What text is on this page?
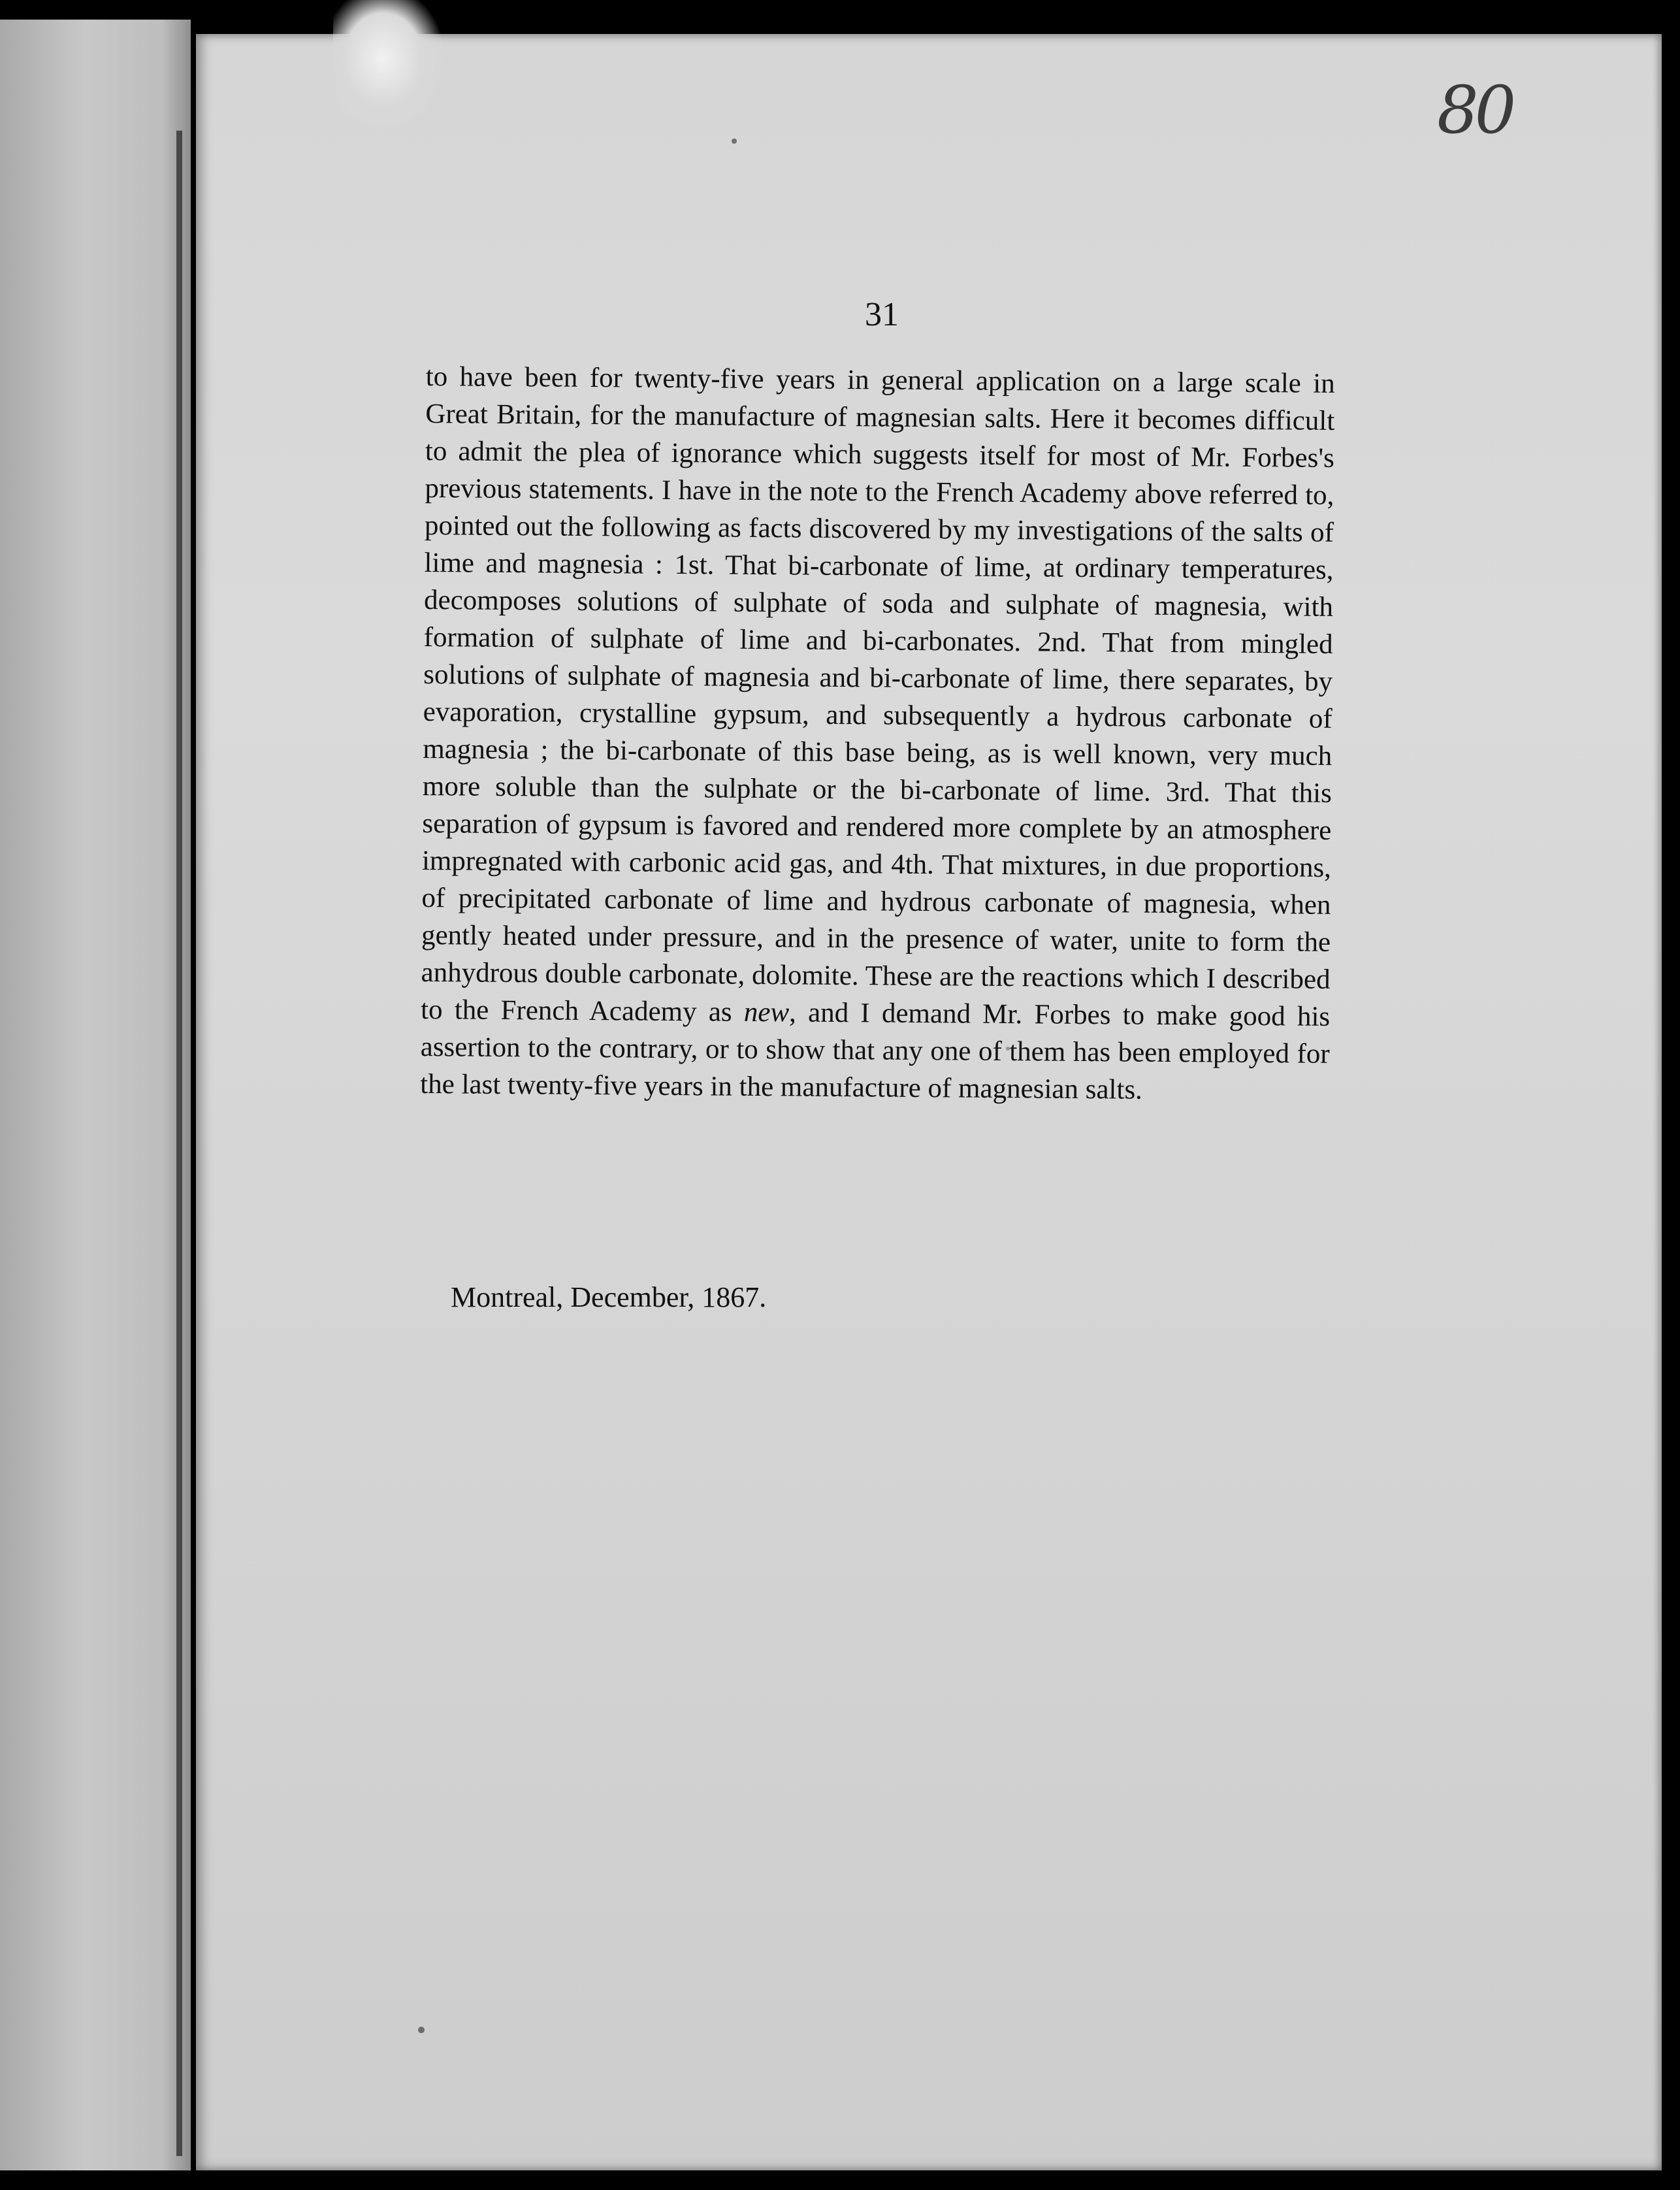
80
31

to have been for twenty-five years in general application on a large scale in Great Britain, for the manufacture of magnesian salts. Here it becomes difficult to admit the plea of ignorance which suggests itself for most of Mr. Forbes's previous statements. I have in the note to the French Academy above referred to, pointed out the following as facts discovered by my investigations of the salts of lime and magnesia : 1st. That bi-carbonate of lime, at ordinary temperatures, decomposes solutions of sulphate of soda and sulphate of magnesia, with formation of sulphate of lime and bi-carbonates. 2nd. That from mingled solutions of sulphate of magnesia and bi-carbonate of lime, there separates, by evaporation, crystalline gypsum, and subsequently a hydrous carbonate of magnesia ; the bi-carbonate of this base being, as is well known, very much more soluble than the sulphate or the bi-carbonate of lime. 3rd. That this separation of gypsum is favored and rendered more complete by an atmosphere impregnated with carbonic acid gas, and 4th. That mixtures, in due proportions, of precipitated carbonate of lime and hydrous carbonate of magnesia, when gently heated under pressure, and in the presence of water, unite to form the anhydrous double carbonate, dolomite. These are the reactions which I described to the French Academy as new, and I demand Mr. Forbes to make good his assertion to the contrary, or to show that any one of them has been employed for the last twenty-five years in the manufacture of magnesian salts.

Montreal, December, 1867.
